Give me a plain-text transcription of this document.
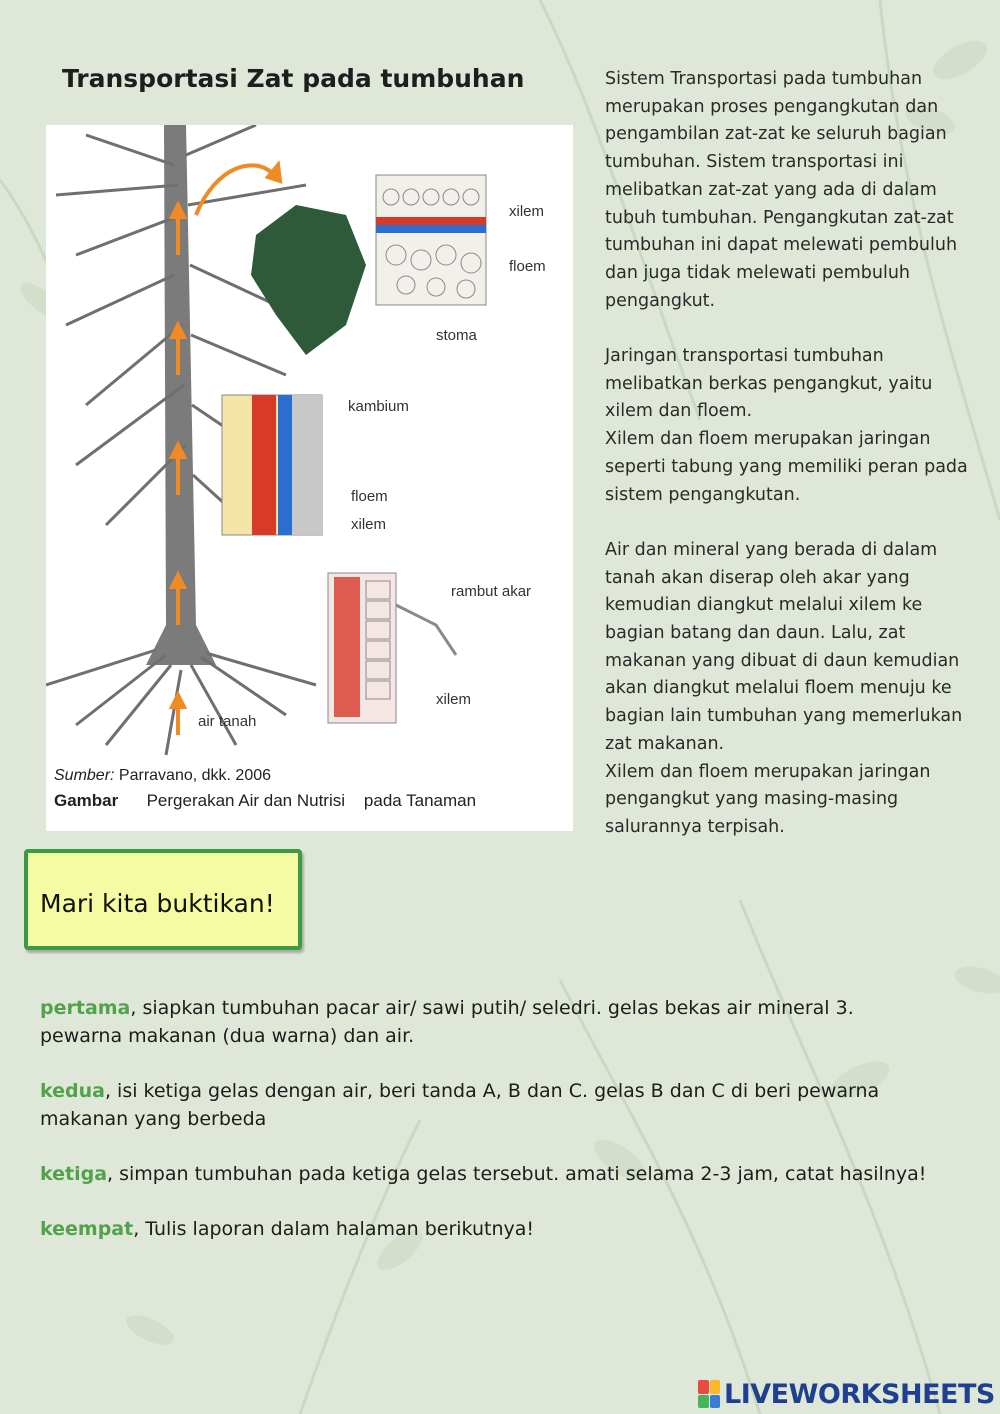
Transportasi Zat pada tumbuhan
xilem
floem
stoma
kambium
floem
xilem
rambut akar
xilem
air tanah
Sumber: Parravano, dkk. 2006
Gambar Pergerakan Air dan Nutrisi    pada Tanaman

Sistem Transportasi pada tumbuhan merupakan proses pengangkutan dan pengambilan zat-zat ke seluruh bagian tumbuhan. Sistem transportasi ini melibatkan zat-zat yang ada di dalam tubuh tumbuhan. Pengangkutan zat-zat tumbuhan ini dapat melewati pembuluh dan juga tidak melewati pembuluh pengangkut.

Jaringan transportasi tumbuhan melibatkan berkas pengangkut, yaitu xilem dan floem.

Xilem dan floem merupakan jaringan seperti tabung yang memiliki peran pada sistem pengangkutan.

Air dan mineral yang berada di dalam tanah akan diserap oleh akar yang kemudian diangkut melalui xilem ke bagian batang dan daun. Lalu, zat makanan yang dibuat di daun kemudian akan diangkut melalui floem menuju ke bagian lain tumbuhan yang memerlukan zat makanan.

Xilem dan floem merupakan jaringan pengangkut yang masing-masing salurannya terpisah.

Mari kita buktikan!

pertama, siapkan tumbuhan pacar air/ sawi putih/ seledri. gelas bekas air mineral 3. pewarna makanan (dua warna) dan air.

kedua, isi ketiga gelas dengan air, beri tanda A, B dan C. gelas B dan C di beri pewarna makanan yang berbeda

ketiga, simpan tumbuhan pada ketiga gelas tersebut. amati selama 2-3 jam, catat hasilnya!

keempat, Tulis laporan dalam halaman berikutnya!

LIVEWORKSHEETS
